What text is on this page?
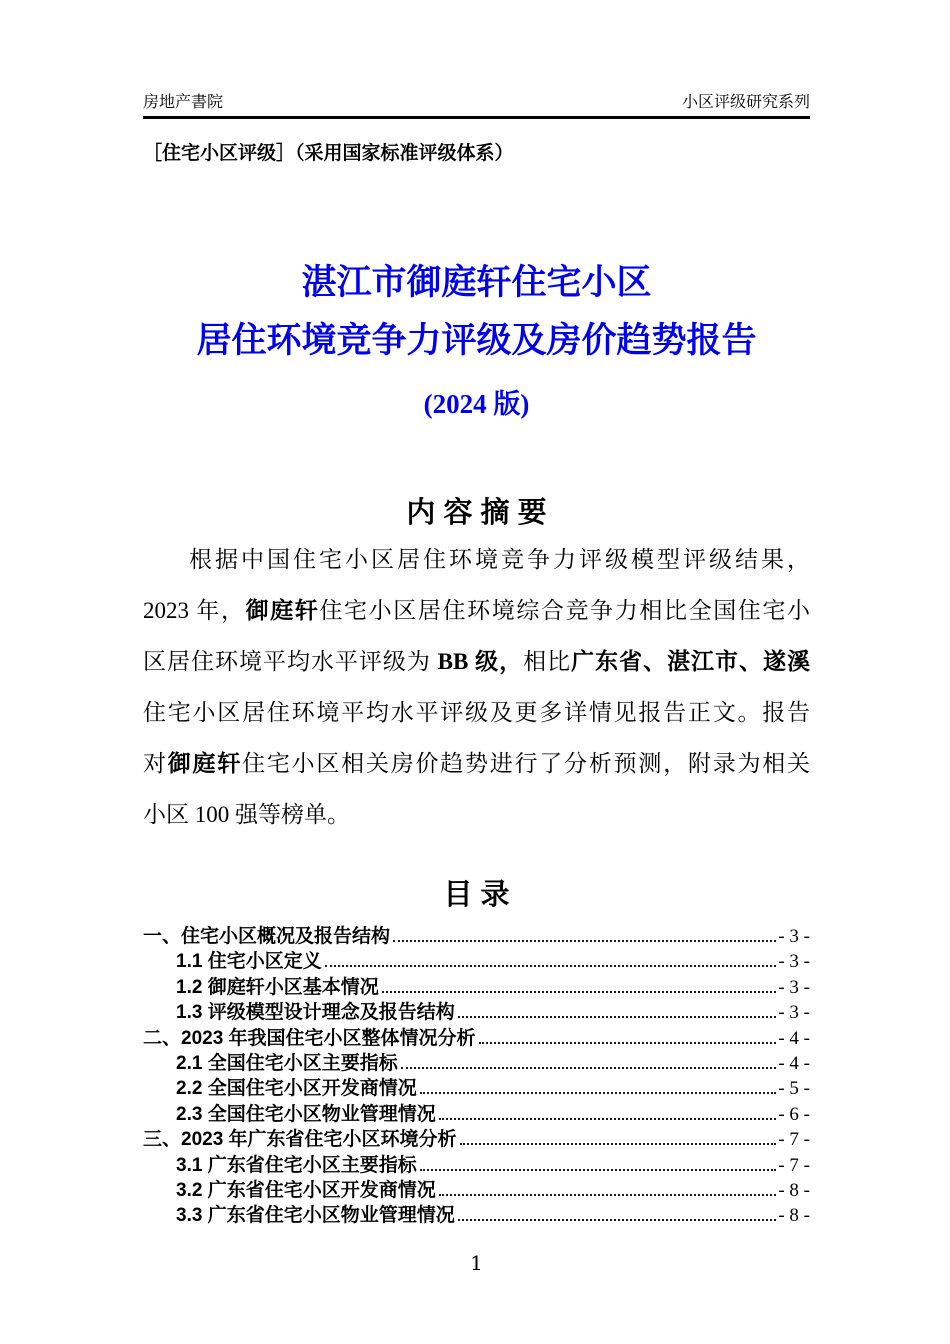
房地产書院	小区评级研究系列
［住宅小区评级］（采用国家标准评级体系）
湛江市御庭轩住宅小区
居住环境竞争力评级及房价趋势报告
(2024 版)
内 容 摘 要
根据中国住宅小区居住环境竞争力评级模型评级结果，
2023 年，御庭轩住宅小区居住环境综合竞争力相比全国住宅小
区居住环境平均水平评级为 BB 级，相比广东省、湛江市、遂溪
住宅小区居住环境平均水平评级及更多详情见报告正文。报告
对御庭轩住宅小区相关房价趋势进行了分析预测，附录为相关
小区 100 强等榜单。
目 录
一、住宅小区概况及报告结构	- 3 -
1.1 住宅小区定义	- 3 -
1.2 御庭轩小区基本情况	- 3 -
1.3 评级模型设计理念及报告结构	- 3 -
二、2023 年我国住宅小区整体情况分析	- 4 -
2.1 全国住宅小区主要指标	- 4 -
2.2 全国住宅小区开发商情况	- 5 -
2.3 全国住宅小区物业管理情况	- 6 -
三、2023 年广东省住宅小区环境分析	- 7 -
3.1 广东省住宅小区主要指标	- 7 -
3.2 广东省住宅小区开发商情况	- 8 -
3.3 广东省住宅小区物业管理情况	- 8 -
1
